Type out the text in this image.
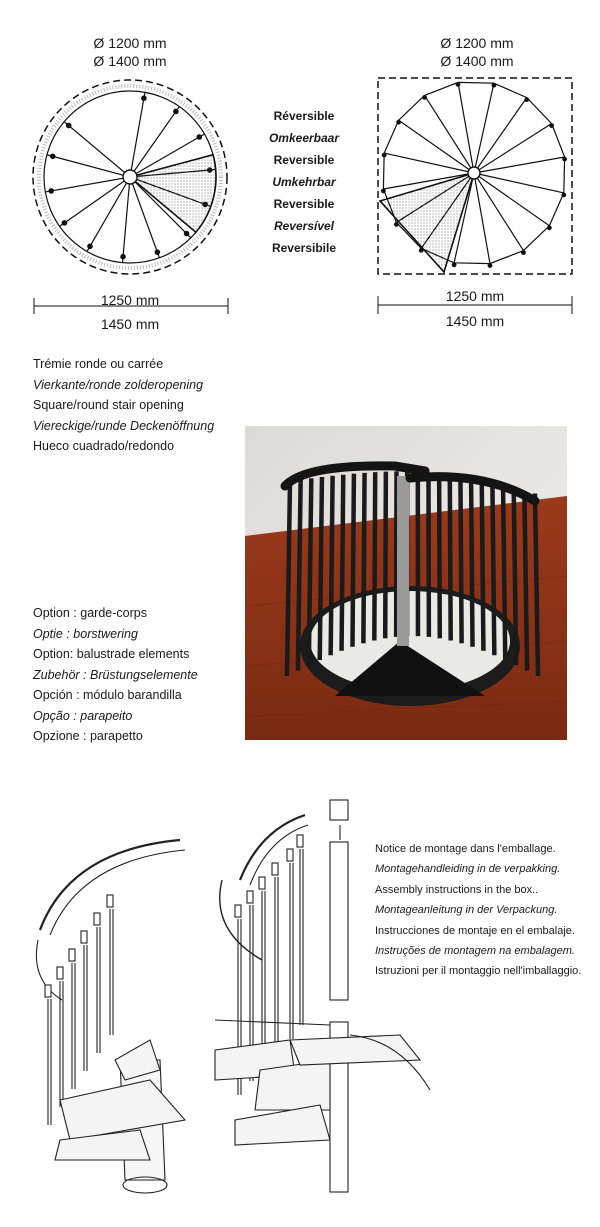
Ø 1200 mm
Ø 1400 mm
1250 mm
1450 mm
Réversible
Omkeerbaar
Reversible
Umkehrbar
Reversible
Reversível
Reversibile
Ø 1200 mm
Ø 1400 mm
1250 mm
1450 mm
Trémie ronde ou carrée
Vierkante/ronde zolderopening
Square/round stair opening
Viereckige/runde Deckenöffnung
Hueco cuadrado/redondo
Option : garde-corps
Optie : borstwering
Option: balustrade elements
Zubehör : Brüstungselemente
Opción : módulo barandilla
Opção : parapeito
Opzione : parapetto
Notice de montage dans l'emballage.
Montagehandleiding in de verpakking.
Assembly instructions in the box..
Montageanleitung in der Verpackung.
Instrucciones de montaje en el embalaje.
Instruções de montagem na embalagem.
Istruzioni per il montaggio nell'imballaggio.
